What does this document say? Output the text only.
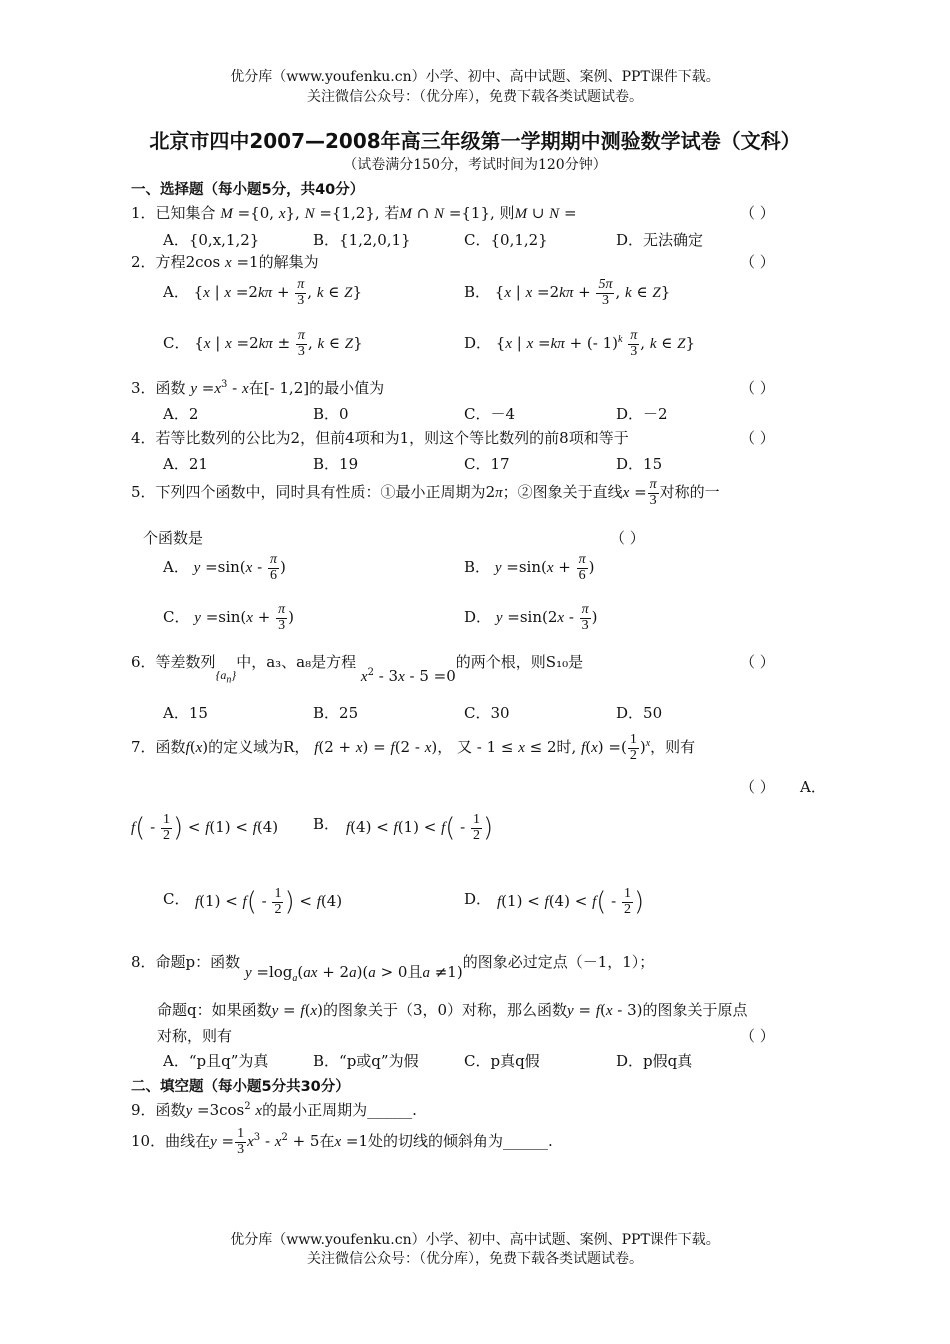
优分库（www.youfenku.cn）小学、初中、高中试题、案例、PPT课件下载。
关注微信公众号：（优分库），免费下载各类试题试卷。
北京市四中2007—2008年高三年级第一学期期中测验数学试卷（文科）
（试卷满分150分，考试时间为120分钟）
一、选择题（每小题5分，共40分）
1．已知集合 M ={0, x}, N ={1,2}, 若M ∩ N ={1}, 则M ∪ N =	（ ）
A．{0,x,1,2}	B．{1,2,0,1}	C．{0,1,2}	D．无法确定
2．方程2cos x =1的解集为	（ ）
A． {x | $x =2k\pi + \frac{\pi}{3}$ , k ∈ Z}	B． {x | $x =2k\pi + \frac{5\pi}{3}$ , k ∈ Z}
C． {x | $x =2k\pi \pm \frac{\pi}{3}$ , k ∈ Z}	D． {x | x =kπ + (- $1)^k \frac{\pi}{3}$ , k ∈ Z}
3．函数 $y =x^3 - x$在[- 1,2]的最小值为	（ ）
A．2	B．0	C．－4	D．－2
4．若等比数列的公比为2，但前4项和为1，则这个等比数列的前8项和等于	（ ）
A．21	B．19	C．17	D．15
5．下列四个函数中，同时具有性质：①最小正周期为2π；②图象关于直线$x = \frac{\pi}{3}$ 对称的一
个函数是	（ ）
A． $y =\sin(x - \frac{\pi}{6}$ )	B． $y =\sin(x + \frac{\pi}{6}$ )
C． $y =\sin(x + \frac{\pi}{3}$ )	D． $y =\sin(2x - \frac{\pi}{3}$ )
6．等差数列$_{\{a_n\}}$中，a₃、a₈是方程 $x^2 - 3x - 5 =0$的两个根，则S₁₀是	（ ）
A．15	B．25	C．30	D．50
7．函数f(x)的定义域为R， f(2 + x) = f(2 - x)， 又 - 1 ≤ x ≤ 2时, f(x) =( $\frac{1}{2} )^x$，则有
（ ） A．
$f( - \frac{1}{2}$ ) < f(1) < f(4) B． $f(4) < f(1) < f( - \frac{1}{2}$ )
C． $f(1) < f( - \frac{1}{2}$ ) < f(4)	D． $f(1) < f(4) < f( - \frac{1}{2}$ )
8．命题p：函数 $y =\log_a(ax + 2a)(a > 0$且a ≠1)的图象必过定点（－1，1）；
命题q：如果函数y = f(x)的图象关于（3，0）对称，那么函数y = f(x - 3)的图象关于原点
对称，则有	（ ）
A．“p且q”为真	B．“p或q”为假	C．p真q假	D．p假q真
二、填空题（每小题5分共30分）
9．函数$y =3\cos^2$ x的最小正周期为______.
10．曲线在$y = \frac{1}{3} x^3 - x^2 + 5$在x =1处的切线的倾斜角为______.
优分库（www.youfenku.cn）小学、初中、高中试题、案例、PPT课件下载。
关注微信公众号：（优分库），免费下载各类试题试卷。
